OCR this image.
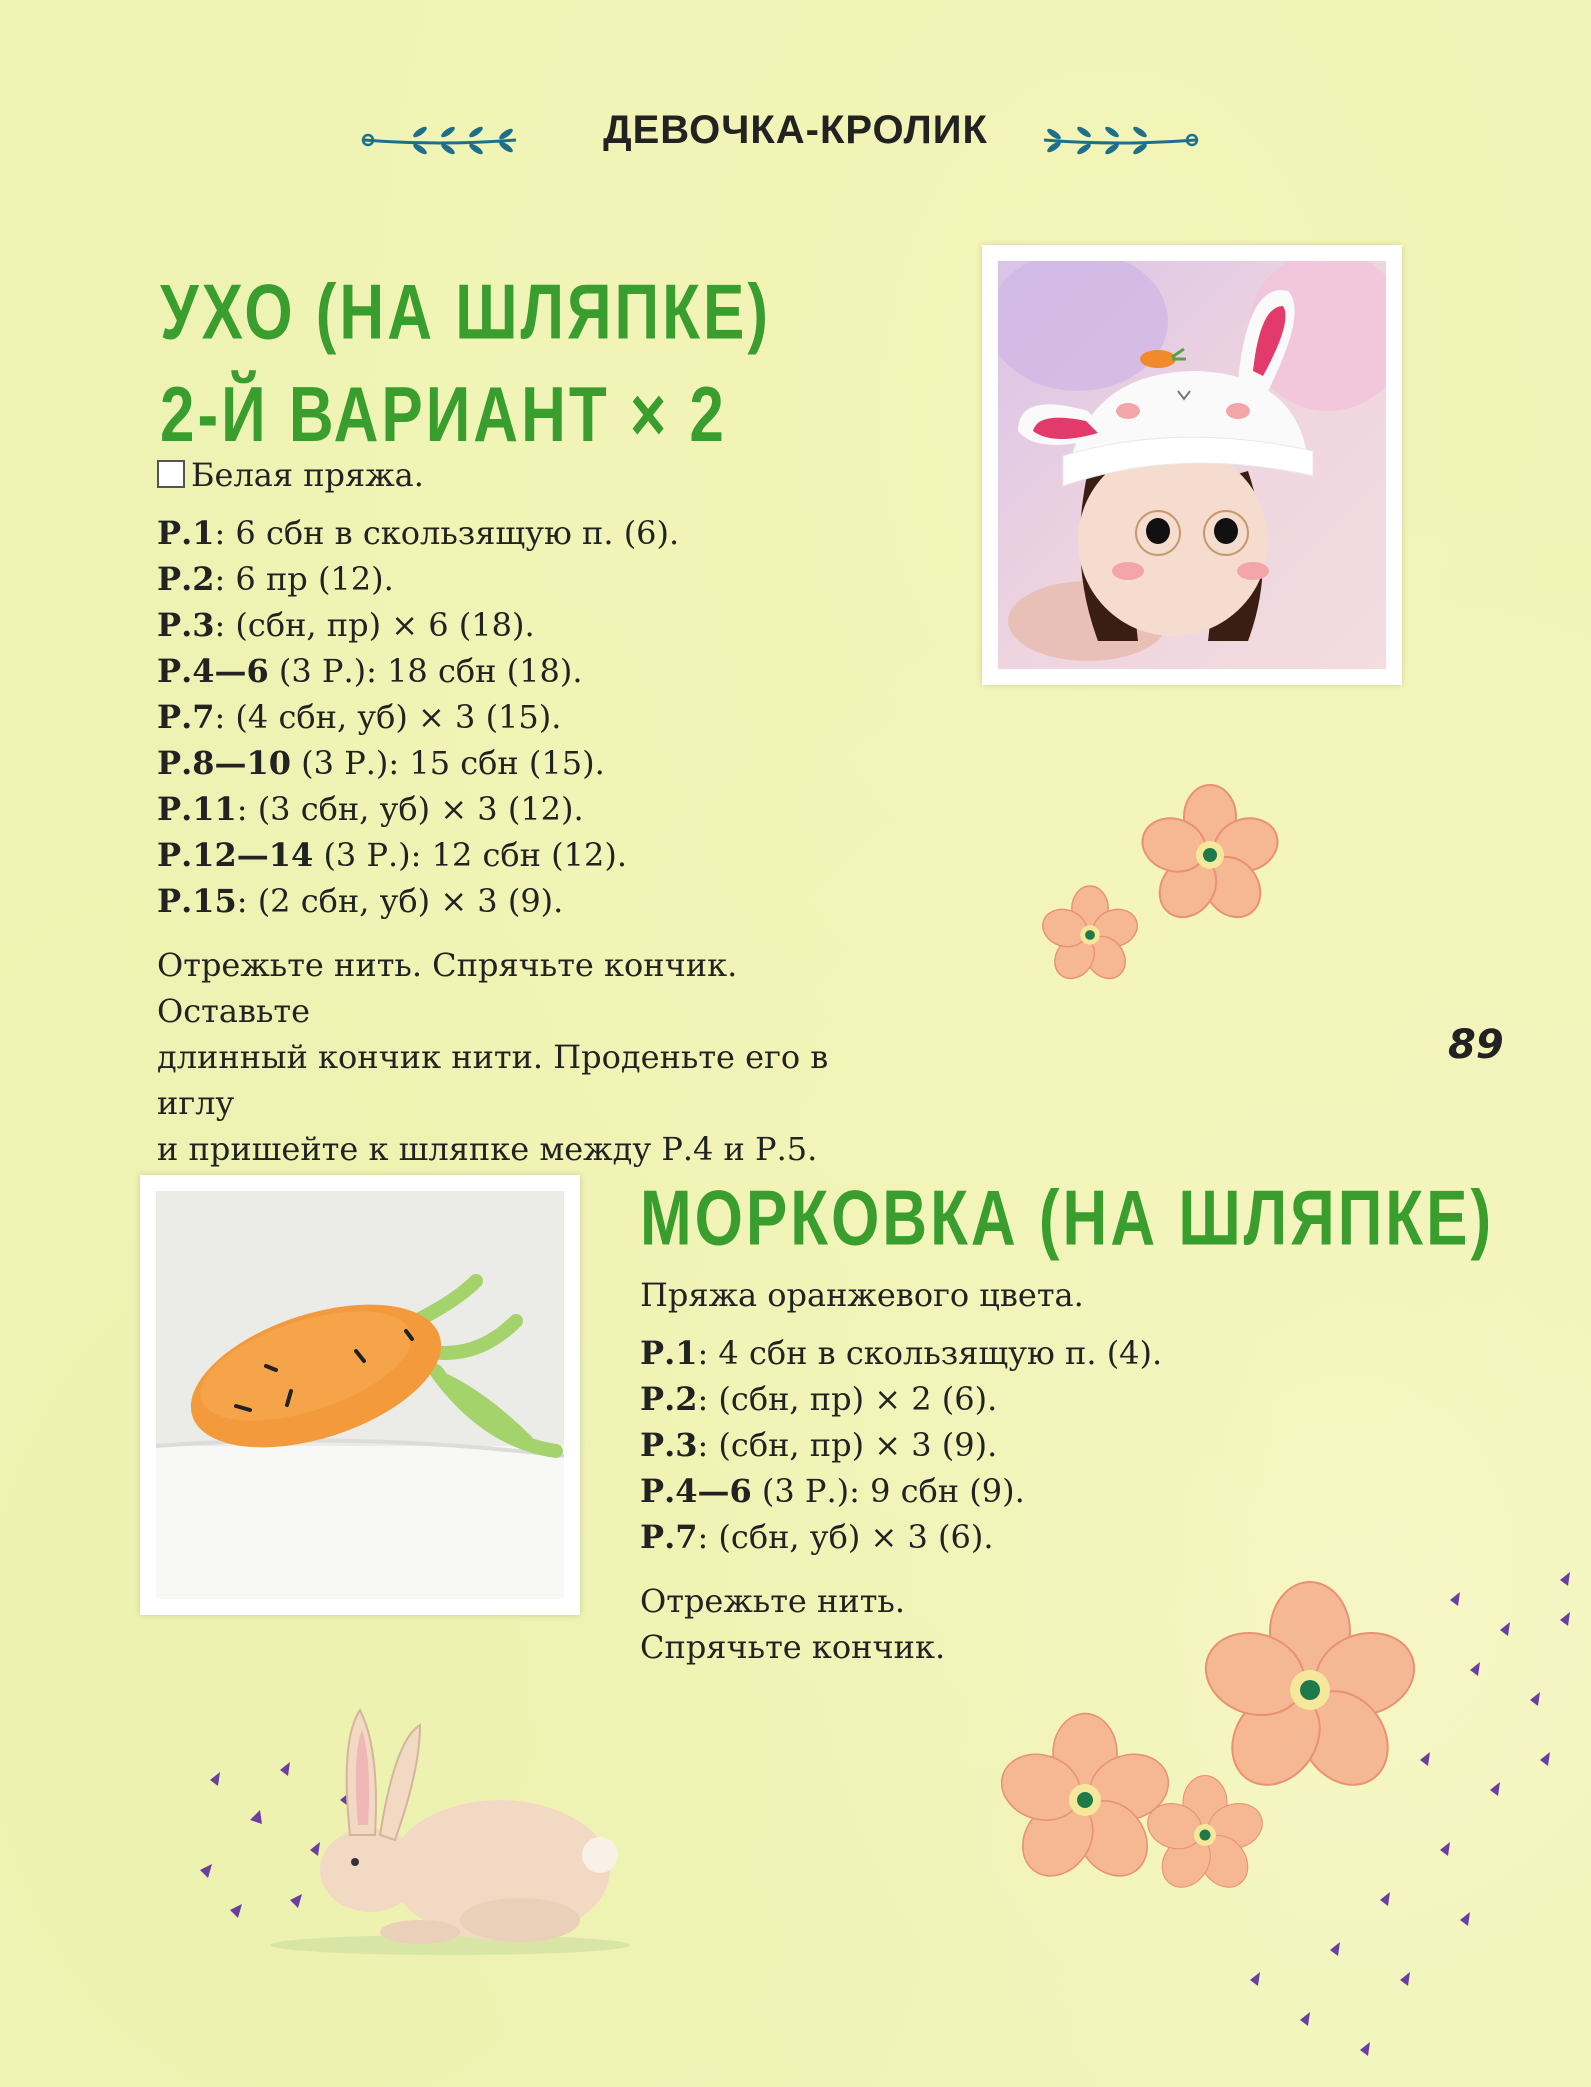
ДЕВОЧКА-КРОЛИК
УХО (НА ШЛЯПКЕ)
2-Й ВАРИАНТ × 2

Белая пряжа.

Р.1: 6 сбн в скользящую п. (6).

Р.2: 6 пр (12).

Р.3: (сбн, пр) × 6 (18).

Р.4—6 (3 Р.): 18 сбн (18).

Р.7: (4 сбн, уб) × 3 (15).

Р.8—10 (3 Р.): 15 сбн (15).

Р.11: (3 сбн, уб) × 3 (12).

Р.12—14 (3 Р.): 12 сбн (12).

Р.15: (2 сбн, уб) × 3 (9).

Отрежьте нить. Спрячьте кончик. Оставьте
длинный кончик нити. Проденьте его в иглу
и пришейте к шляпке между Р.4 и Р.5.

89
МОРКОВКА (НА ШЛЯПКЕ)

Пряжа оранжевого цвета.

Р.1: 4 сбн в скользящую п. (4).

Р.2: (сбн, пр) × 2 (6).

Р.3: (сбн, пр) × 3 (9).

Р.4—6 (3 Р.): 9 сбн (9).

Р.7: (сбн, уб) × 3 (6).

Отрежьте нить.
Спрячьте кончик.
